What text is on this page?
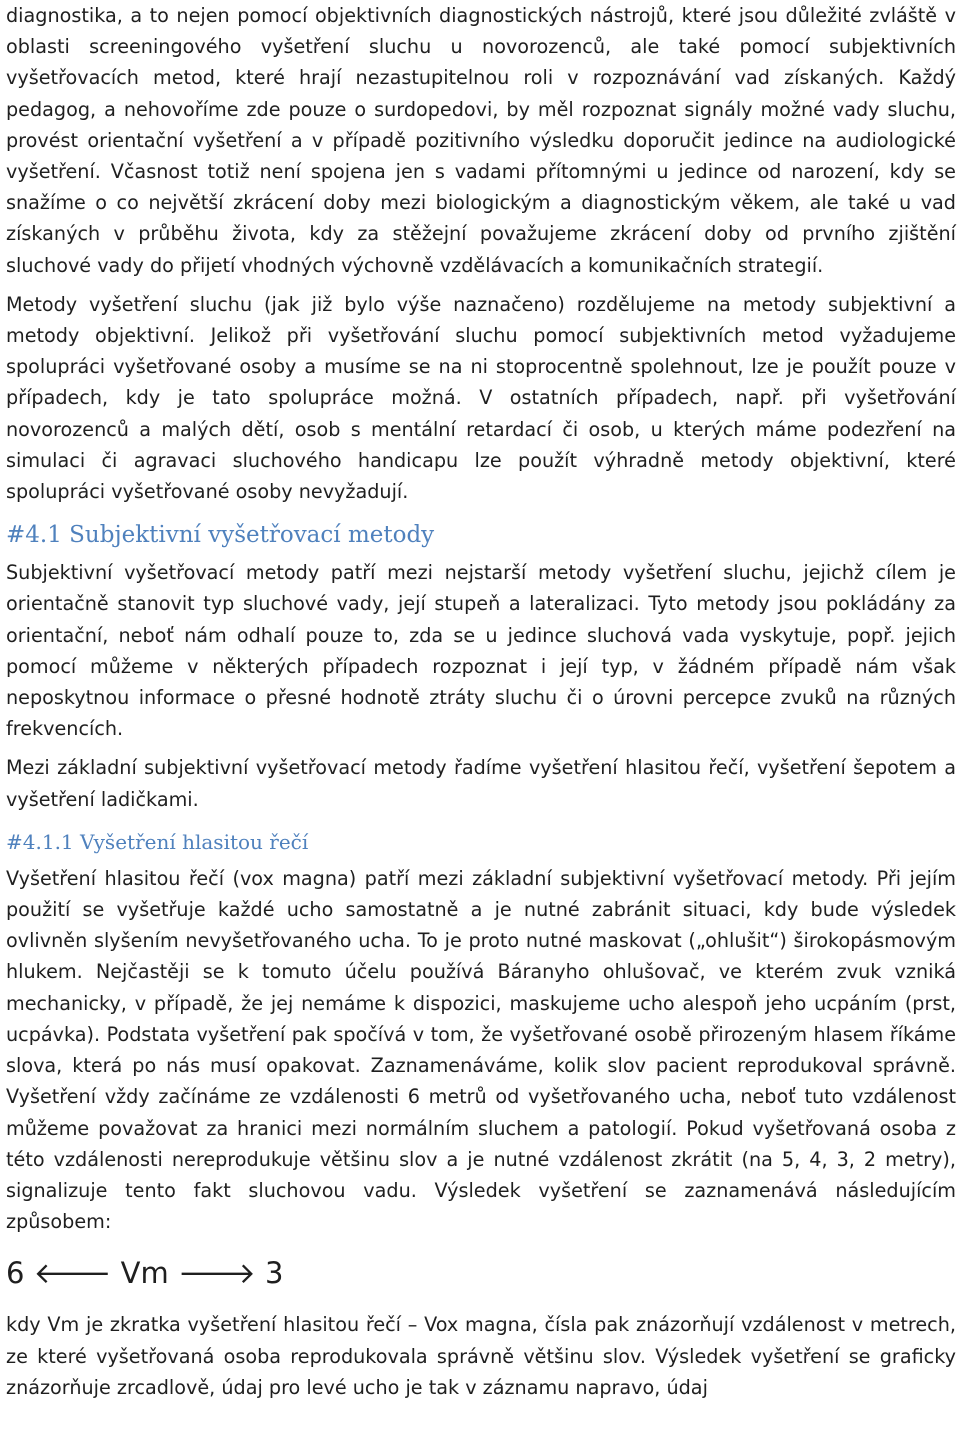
diagnostika, a to nejen pomocí objektivních diagnostických nástrojů, které jsou důležité zvláště v oblasti screeningového vyšetření sluchu u novorozenců, ale také pomocí subjektivních vyšetřovacích metod, které hrají nezastupitelnou roli v rozpoznávání vad získaných. Každý pedagog, a nehovoříme zde pouze o surdopedovi, by měl rozpoznat signály možné vady sluchu, provést orientační vyšetření a v případě pozitivního výsledku doporučit jedince na audiologické vyšetření. Včasnost totiž není spojena jen s vadami přítomnými u jedince od narození, kdy se snažíme o co největší zkrácení doby mezi biologickým a diagnostickým věkem, ale také u vad získaných v průběhu života, kdy za stěžejní považujeme zkrácení doby od prvního zjištění sluchové vady do přijetí vhodných výchovně vzdělávacích a komunikačních strategií.

Metody vyšetření sluchu (jak již bylo výše naznačeno) rozdělujeme na metody subjektivní a metody objektivní. Jelikož při vyšetřování sluchu pomocí subjektivních metod vyžadujeme spolupráci vyšetřované osoby a musíme se na ni stoprocentně spolehnout, lze je použít pouze v případech, kdy je tato spolupráce možná. V ostatních případech, např. při vyšetřování novorozenců a malých dětí, osob s mentální retardací či osob, u kterých máme podezření na simulaci či agravaci sluchového handicapu lze použít výhradně metody objektivní, které spolupráci vyšetřované osoby nevyžadují.

#4.1 Subjektivní vyšetřovací metody

Subjektivní vyšetřovací metody patří mezi nejstarší metody vyšetření sluchu, jejichž cílem je orientačně stanovit typ sluchové vady, její stupeň a lateralizaci. Tyto metody jsou pokládány za orientační, neboť nám odhalí pouze to, zda se u jedince sluchová vada vyskytuje, popř. jejich pomocí můžeme v některých případech rozpoznat i její typ, v žádném případě nám však neposkytnou informace o přesné hodnotě ztráty sluchu či o úrovni percepce zvuků na různých frekvencích.

Mezi základní subjektivní vyšetřovací metody řadíme vyšetření hlasitou řečí, vyšetření šepotem a vyšetření ladičkami.

#4.1.1 Vyšetření hlasitou řečí

Vyšetření hlasitou řečí (vox magna) patří mezi základní subjektivní vyšetřovací metody. Při jejím použití se vyšetřuje každé ucho samostatně a je nutné zabránit situaci, kdy bude výsledek ovlivněn slyšením nevyšetřovaného ucha. To je proto nutné maskovat („ohlušit“) širokopásmovým hlukem. Nejčastěji se k tomuto účelu používá Báranyho ohlušovač, ve kterém zvuk vzniká mechanicky, v případě, že jej nemáme k dispozici, maskujeme ucho alespoň jeho ucpáním (prst, ucpávka). Podstata vyšetření pak spočívá v tom, že vyšetřované osobě přirozeným hlasem říkáme slova, která po nás musí opakovat. Zaznamenáváme, kolik slov pacient reprodukoval správně. Vyšetření vždy začínáme ze vzdálenosti 6 metrů od vyšetřovaného ucha, neboť tuto vzdálenost můžeme považovat za hranici mezi normálním sluchem a patologií. Pokud vyšetřovaná osoba z této vzdálenosti nereprodukuje většinu slov a je nutné vzdálenost zkrátit (na 5, 4, 3, 2 metry), signalizuje tento fakt sluchovou vadu. Výsledek vyšetření se zaznamenává následujícím způsobem:

6 🡐 Vm 🡒 3

kdy Vm je zkratka vyšetření hlasitou řečí – Vox magna, čísla pak znázorňují vzdálenost v metrech, ze které vyšetřovaná osoba reprodukovala správně většinu slov. Výsledek vyšetření se graficky znázorňuje zrcadlově, údaj pro levé ucho je tak v záznamu napravo, údaj
